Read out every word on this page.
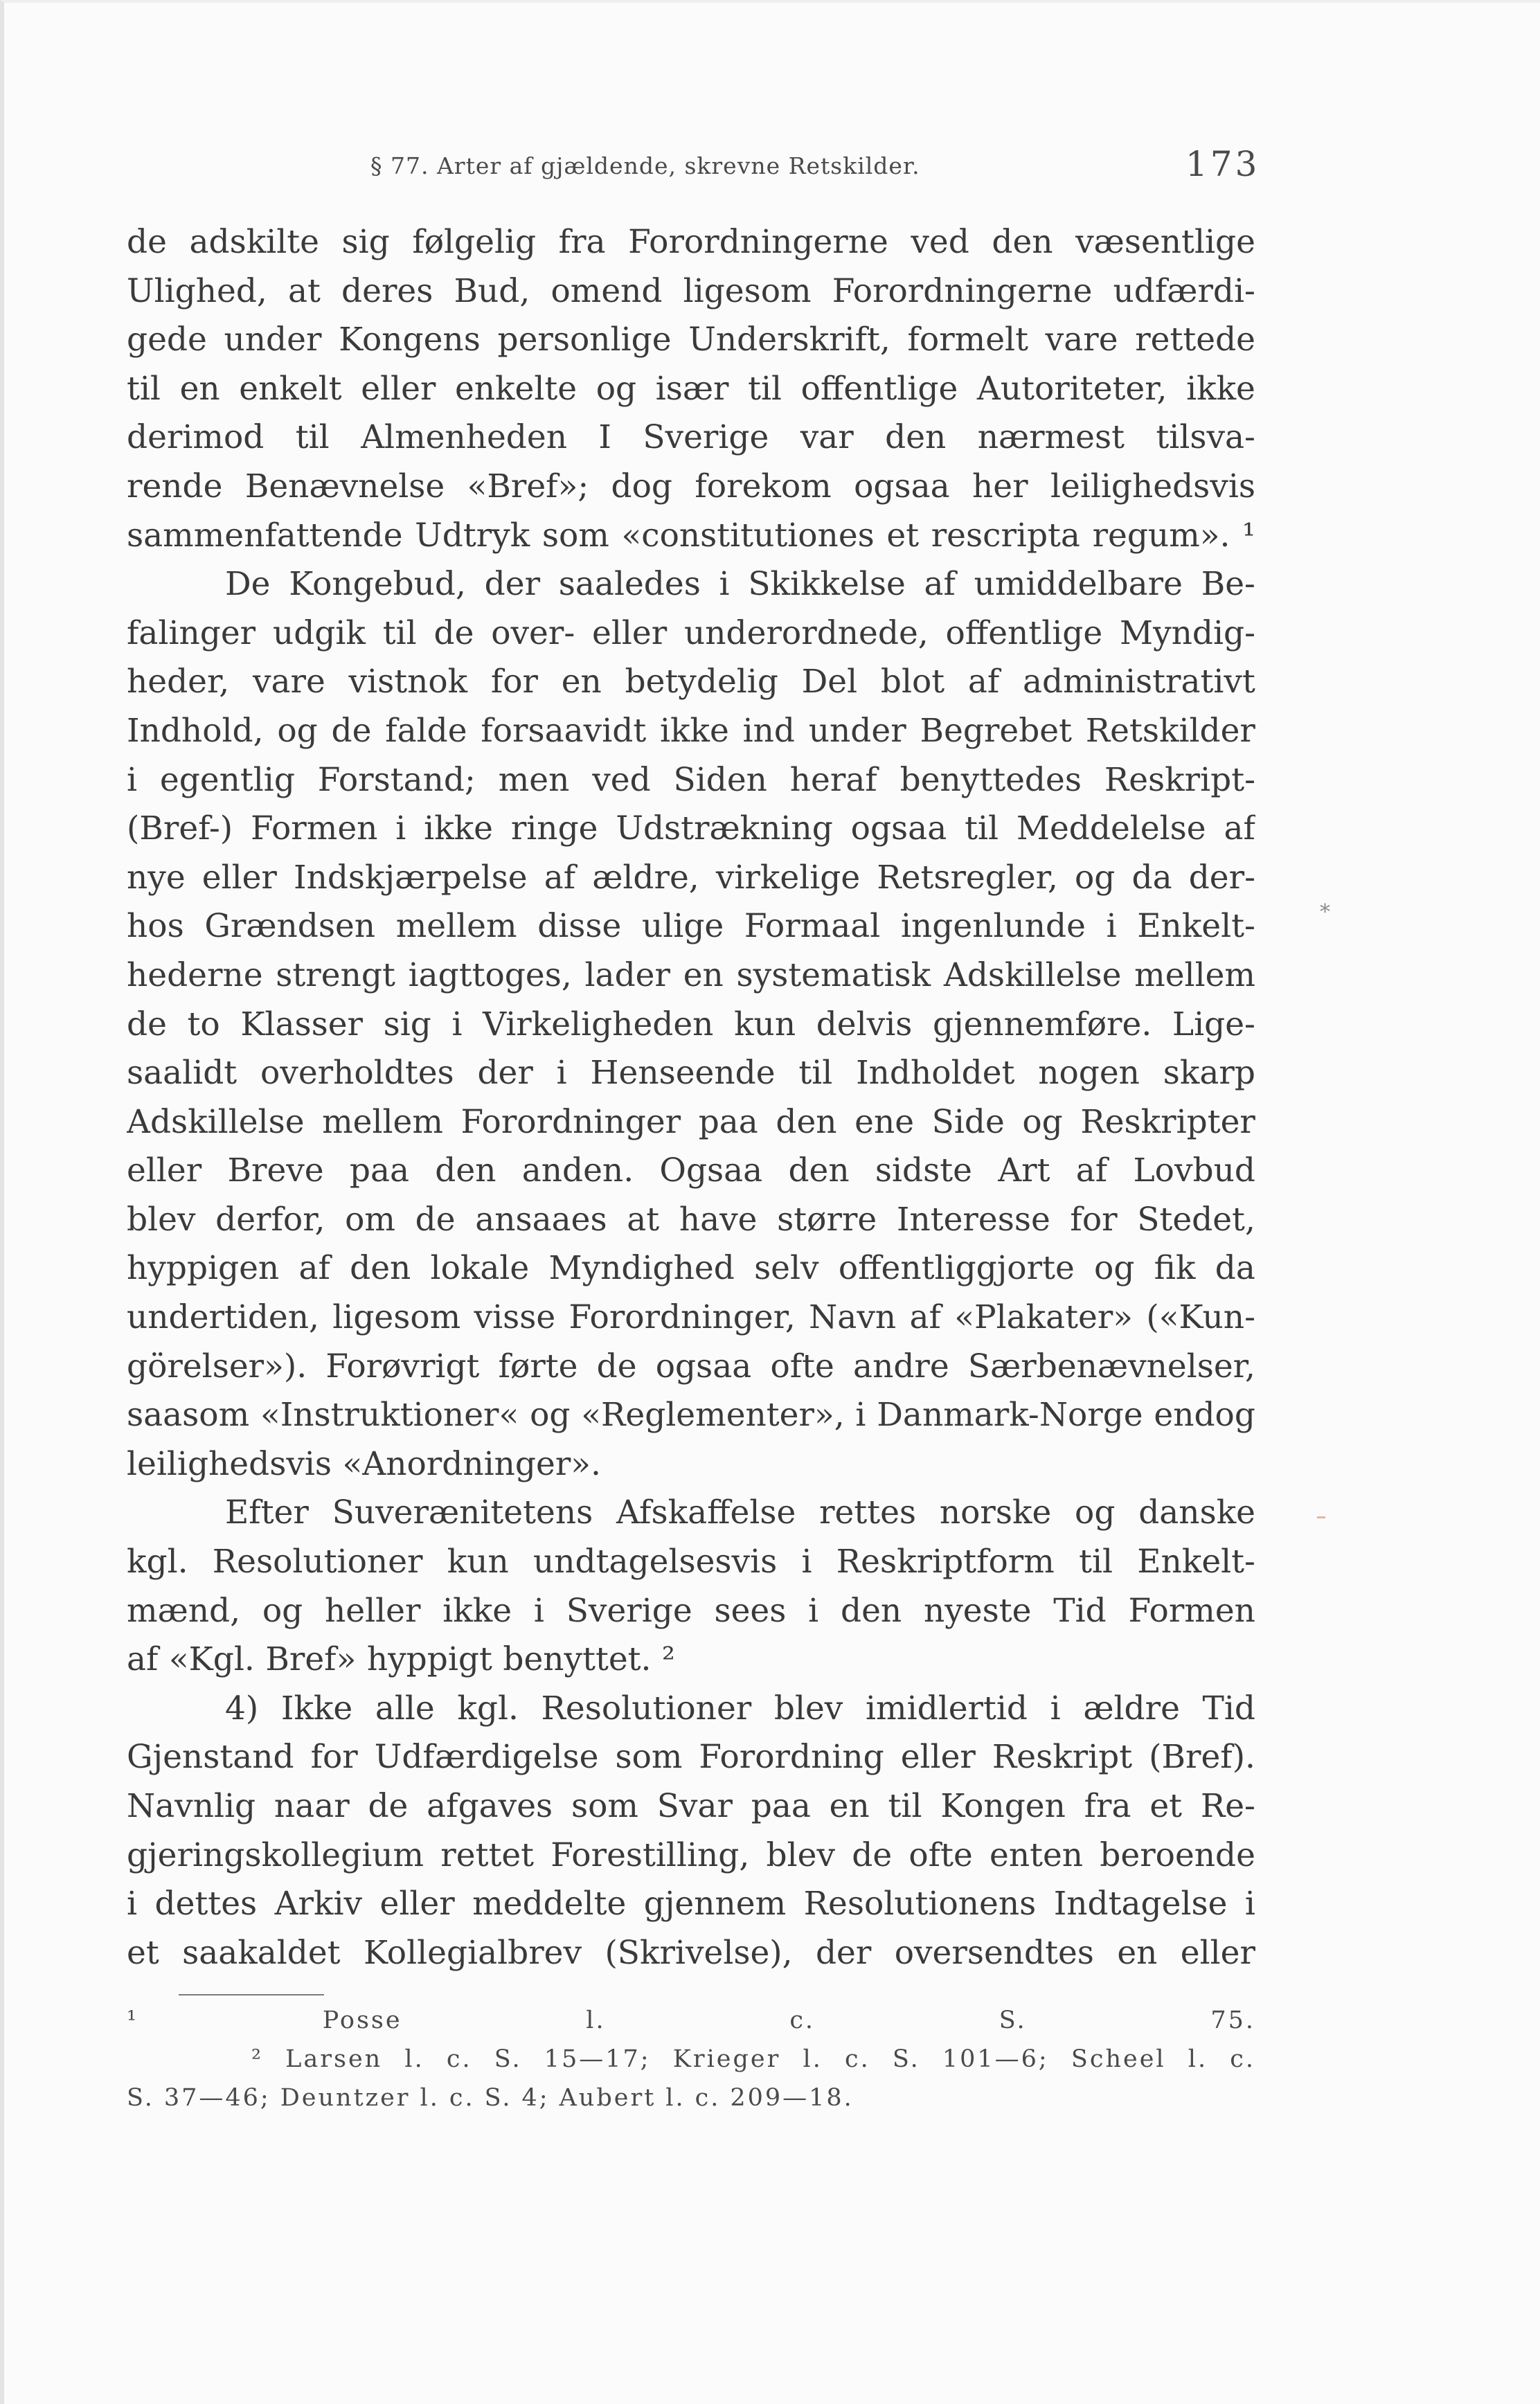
§ 77. Arter af gjældende, skrevne Retskilder.	173
de adskilte sig følgelig fra Forordningerne ved den væsentlige
Ulighed, at deres Bud, omend ligesom Forordningerne udfærdi-
gede under Kongens personlige Underskrift, formelt vare rettede
til en enkelt eller enkelte og især til offentlige Autoriteter, ikke
derimod til Almenheden I Sverige var den nærmest tilsva-
rende Benævnelse «Bref»; dog forekom ogsaa her leilighedsvis
sammenfattende Udtryk som «constitutiones et rescripta regum». ¹
De Kongebud, der saaledes i Skikkelse af umiddelbare Be-
falinger udgik til de over- eller underordnede, offentlige Myndig-
heder, vare vistnok for en betydelig Del blot af administrativt
Indhold, og de falde forsaavidt ikke ind under Begrebet Retskilder
i egentlig Forstand; men ved Siden heraf benyttedes Reskript-
(Bref-) Formen i ikke ringe Udstrækning ogsaa til Meddelelse af
nye eller Indskjærpelse af ældre, virkelige Retsregler, og da der-
hos Grændsen mellem disse ulige Formaal ingenlunde i Enkelt-
hederne strengt iagttoges, lader en systematisk Adskillelse mellem
de to Klasser sig i Virkeligheden kun delvis gjennemføre. Lige-
saalidt overholdtes der i Henseende til Indholdet nogen skarp
Adskillelse mellem Forordninger paa den ene Side og Reskripter
eller Breve paa den anden. Ogsaa den sidste Art af Lovbud
blev derfor, om de ansaaes at have større Interesse for Stedet,
hyppigen af den lokale Myndighed selv offentliggjorte og fik da
undertiden, ligesom visse Forordninger, Navn af «Plakater» («Kun-
görelser»). Forøvrigt førte de ogsaa ofte andre Særbenævnelser,
saasom «Instruktioner« og «Reglementer», i Danmark-Norge endog
leilighedsvis «Anordninger».
Efter Suverænitetens Afskaffelse rettes norske og danske
kgl. Resolutioner kun undtagelsesvis i Reskriptform til Enkelt-
mænd, og heller ikke i Sverige sees i den nyeste Tid Formen
af «Kgl. Bref» hyppigt benyttet. ²
4) Ikke alle kgl. Resolutioner blev imidlertid i ældre Tid
Gjenstand for Udfærdigelse som Forordning eller Reskript (Bref).
Navnlig naar de afgaves som Svar paa en til Kongen fra et Re-
gjeringskollegium rettet Forestilling, blev de ofte enten beroende
i dettes Arkiv eller meddelte gjennem Resolutionens Indtagelse i
et saakaldet Kollegialbrev (Skrivelse), der oversendtes en eller
¹	Posse	l.	c.	S.	75.
² Larsen l. c. S. 15—17; Krieger l. c. S. 101—6; Scheel l. c.
S. 37—46; Deuntzer l. c. S. 4; Aubert l. c. 209—18.
*
